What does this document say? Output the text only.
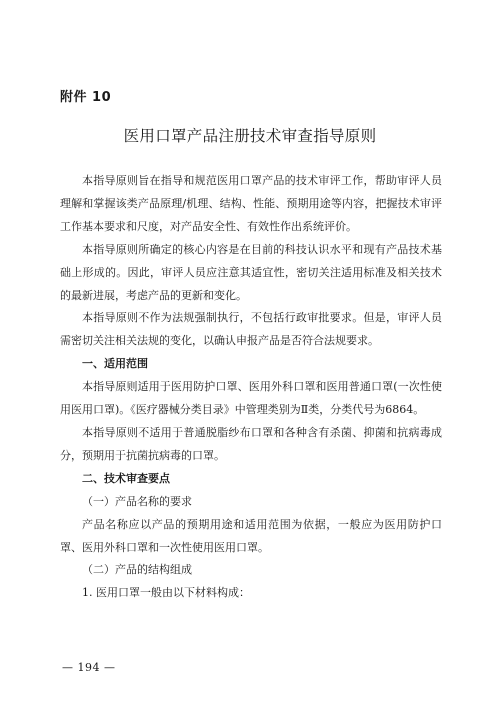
附件 10
医用口罩产品注册技术审查指导原则

本指导原则旨在指导和规范医用口罩产品的技术审评工作，帮助审评人员理解和掌握该类产品原理/机理、结构、性能、预期用途等内容，把握技术审评工作基本要求和尺度，对产品安全性、有效性作出系统评价。

本指导原则所确定的核心内容是在目前的科技认识水平和现有产品技术基础上形成的。因此，审评人员应注意其适宜性，密切关注适用标准及相关技术的最新进展，考虑产品的更新和变化。

本指导原则不作为法规强制执行，不包括行政审批要求。但是，审评人员需密切关注相关法规的变化，以确认申报产品是否符合法规要求。

一、适用范围

本指导原则适用于医用防护口罩、医用外科口罩和医用普通口罩(一次性使用医用口罩)。《医疗器械分类目录》中管理类别为Ⅱ类，分类代号为6864。

本指导原则不适用于普通脱脂纱布口罩和各种含有杀菌、抑菌和抗病毒成分，预期用于抗菌抗病毒的口罩。

二、技术审查要点

（一）产品名称的要求

产品名称应以产品的预期用途和适用范围为依据，一般应为医用防护口罩、医用外科口罩和一次性使用医用口罩。

（二）产品的结构组成

1. 医用口罩一般由以下材料构成：

— 194 —
